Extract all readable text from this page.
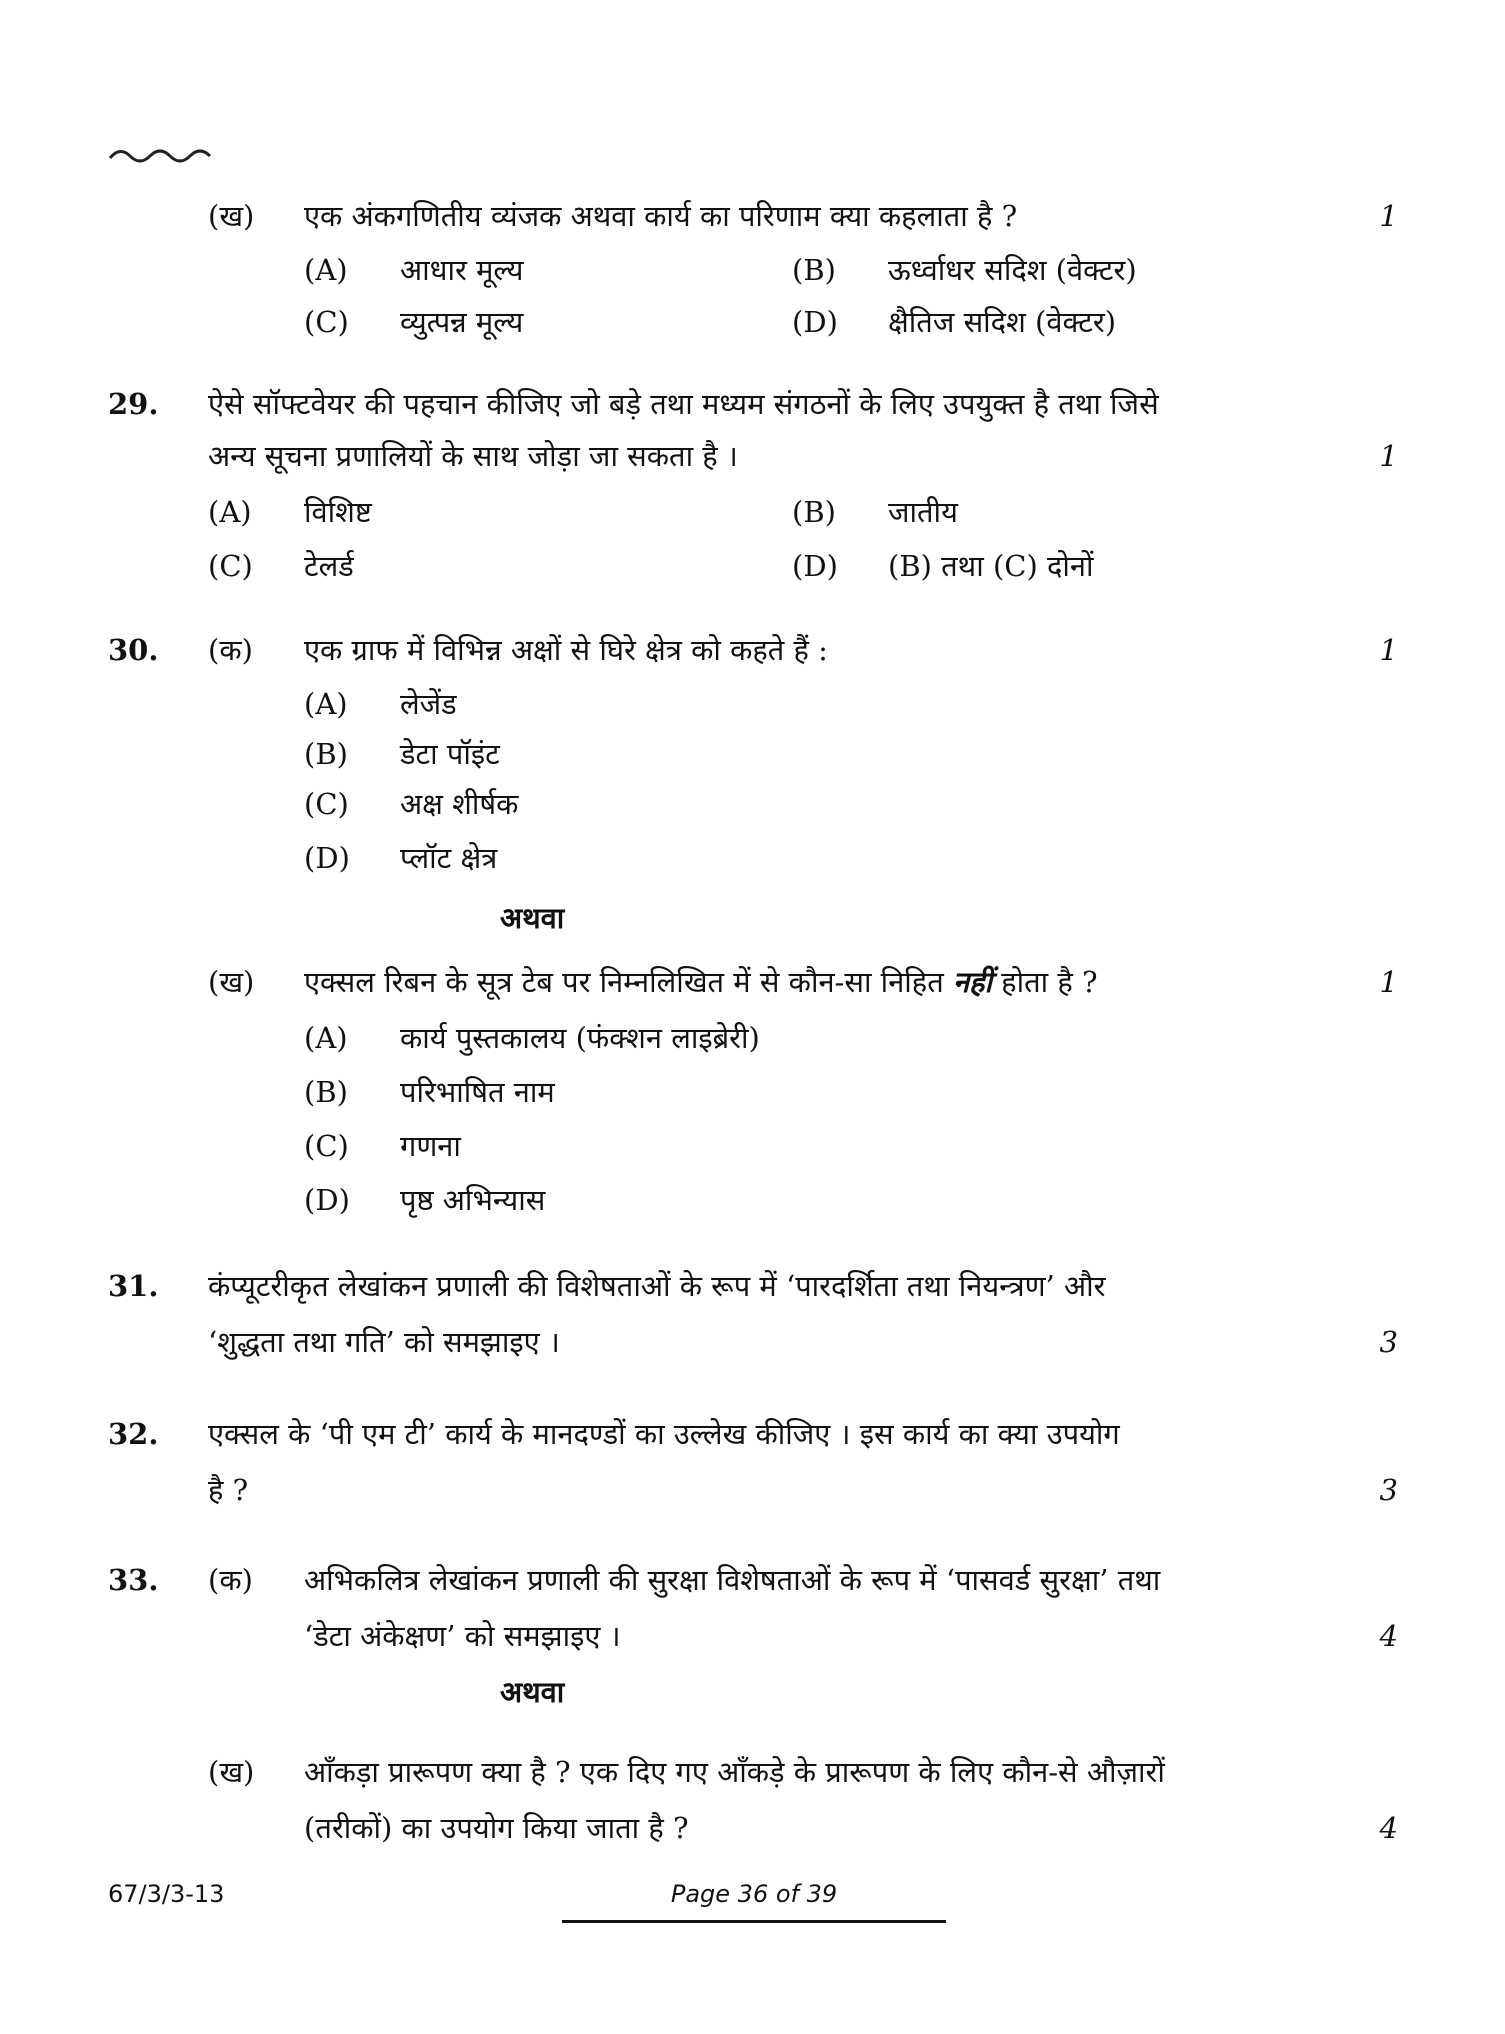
(ख) एक अंकगणितीय व्यंजक अथवा कार्य का परिणाम क्या कहलाता है ?	1
(A) आधार मूल्य	(B) ऊर्ध्वाधर सदिश (वेक्टर)
(C) व्युत्पन्न मूल्य	(D) क्षैतिज सदिश (वेक्टर)
29. ऐसे सॉफ्टवेयर की पहचान कीजिए जो बड़े तथा मध्यम संगठनों के लिए उपयुक्त है तथा जिसे
अन्य सूचना प्रणालियों के साथ जोड़ा जा सकता है ।	1
(A) विशिष्ट	(B) जातीय
(C) टेलर्ड	(D) (B) तथा (C) दोनों
30. (क) एक ग्राफ में विभिन्न अक्षों से घिरे क्षेत्र को कहते हैं :	1
(A) लेजेंड
(B) डेटा पॉइंट
(C) अक्ष शीर्षक
(D) प्लॉट क्षेत्र
अथवा
(ख) एक्सल रिबन के सूत्र टेब पर निम्नलिखित में से कौन-सा निहित नहीं होता है ?	1
(A) कार्य पुस्तकालय (फंक्शन लाइब्रेरी)
(B) परिभाषित नाम
(C) गणना
(D) पृष्ठ अभिन्यास
31. कंप्यूटरीकृत लेखांकन प्रणाली की विशेषताओं के रूप में ‘पारदर्शिता तथा नियन्त्रण’ और
‘शुद्धता तथा गति’ को समझाइए ।	3
32. एक्सल के ‘पी एम टी’ कार्य के मानदण्डों का उल्लेख कीजिए । इस कार्य का क्या उपयोग
है ?	3
33. (क) अभिकलित्र लेखांकन प्रणाली की सुरक्षा विशेषताओं के रूप में ‘पासवर्ड सुरक्षा’ तथा
‘डेटा अंकेक्षण’ को समझाइए ।	4
अथवा
(ख) आँकड़ा प्रारूपण क्या है ? एक दिए गए आँकड़े के प्रारूपण के लिए कौन-से औज़ारों
(तरीकों) का उपयोग किया जाता है ?	4
67/3/3-13	Page 36 of 39
